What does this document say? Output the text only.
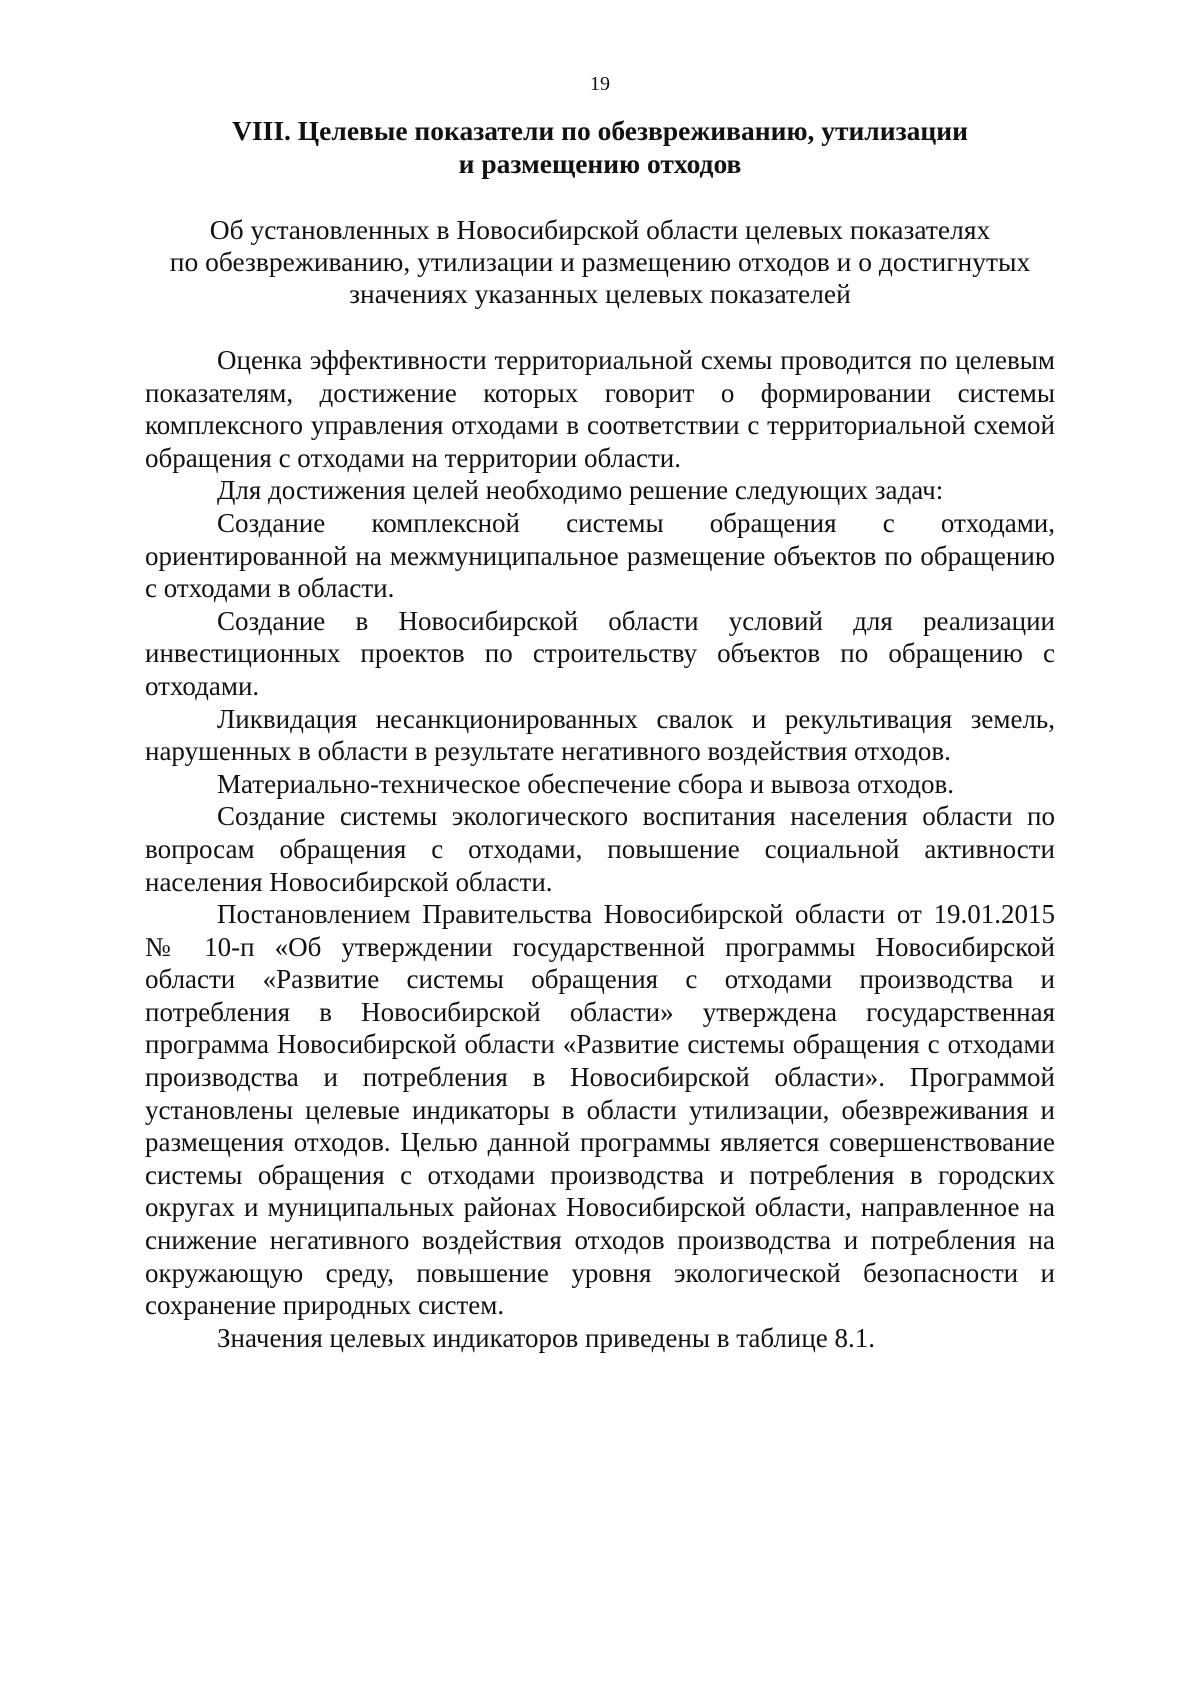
19
VIII. Целевые показатели по обезвреживанию, утилизации
и размещению отходов
Об установленных в Новосибирской области целевых показателях
по обезвреживанию, утилизации и размещению отходов и о достигнутых
значениях указанных целевых показателей

Оценка эффективности территориальной схемы проводится по целевым показателям, достижение которых говорит о формировании системы комплексного управления отходами в соответствии с территориальной схемой обращения с отходами на территории области.

Для достижения целей необходимо решение следующих задач:

Создание комплексной системы обращения с отходами, ориентированной на межмуниципальное размещение объектов по обращению с отходами в области.

Создание в Новосибирской области условий для реализации инвестиционных проектов по строительству объектов по обращению с отходами.

Ликвидация несанкционированных свалок и рекультивация земель, нарушенных в области в результате негативного воздействия отходов.

Материально-техническое обеспечение сбора и вывоза отходов.

Создание системы экологического воспитания населения области по вопросам обращения с отходами, повышение социальной активности населения Новосибирской области.

Постановлением Правительства Новосибирской области от 19.01.2015 № 10-п «Об утверждении государственной программы Новосибирской области «Развитие системы обращения с отходами производства и потребления в Новосибирской области» утверждена государственная программа Новосибирской области «Развитие системы обращения с отходами производства и потребления в Новосибирской области». Программой установлены целевые индикаторы в области утилизации, обезвреживания и размещения отходов. Целью данной программы является совершенствование системы обращения с отходами производства и потребления в городских округах и муниципальных районах Новосибирской области, направленное на снижение негативного воздействия отходов производства и потребления на окружающую среду, повышение уровня экологической безопасности и сохранение природных систем.

Значения целевых индикаторов приведены в таблице 8.1.
